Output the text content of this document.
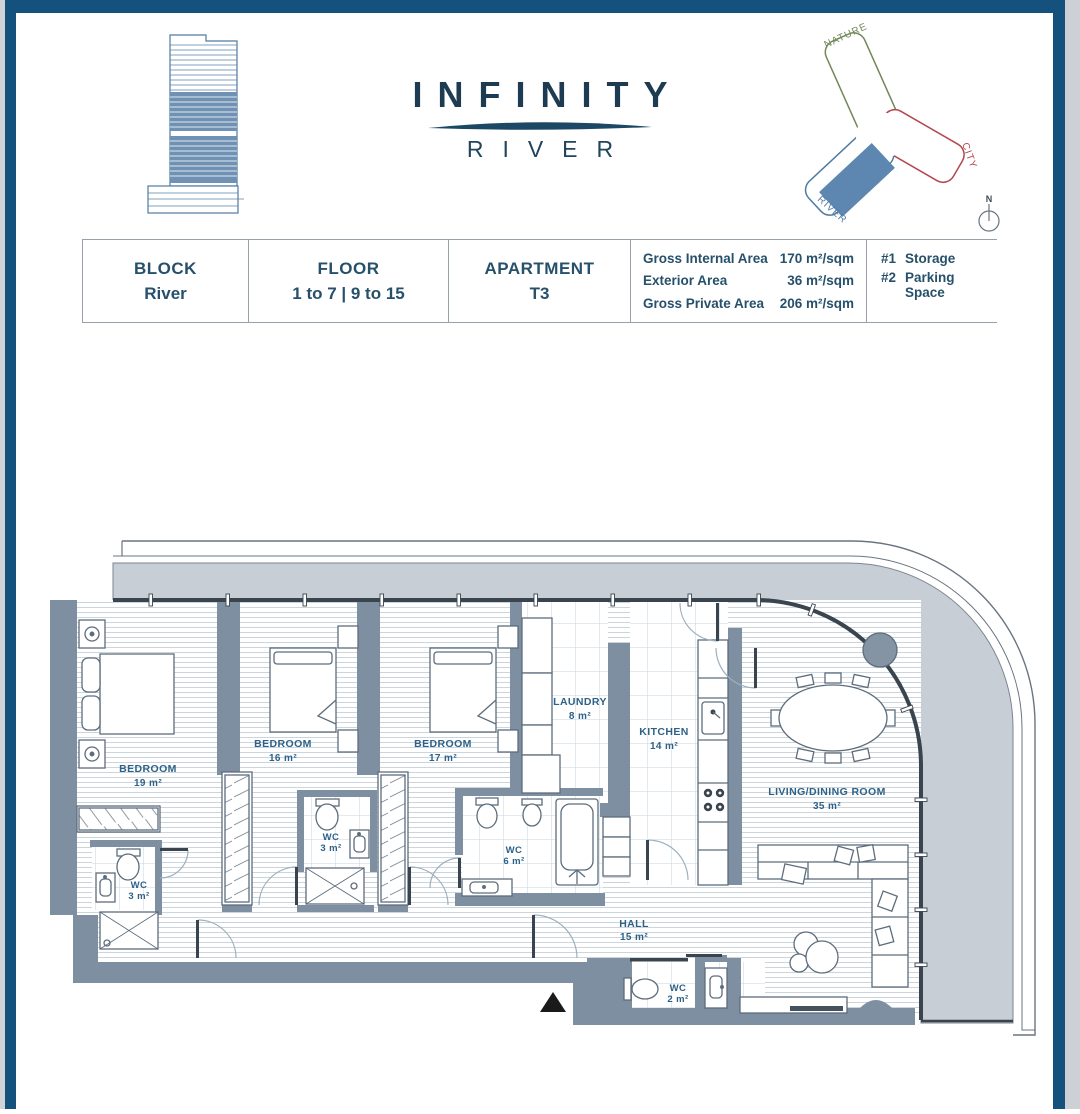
INFINITY
RIVER
NATURE
CITY
RIVER	N
BLOCK
River
FLOOR
1 to 7 | 9 to 15
APARTMENT
T3
Gross Internal Area 170 m²/sqm
Exterior Area	36 m²/sqm
Gross Private Area 206 m²/sqm
#1 Storage
#2 Parking Space
BEDROOM
19 m²
BEDROOM
16 m²
BEDROOM
17 m²
LAUNDRY
8 m²
KITCHEN
14 m²
LIVING/DINING ROOM
35 m²
WC
3 m²
WC
3 m²	WC
6 m²
WC
2 m²
HALL
15 m²
